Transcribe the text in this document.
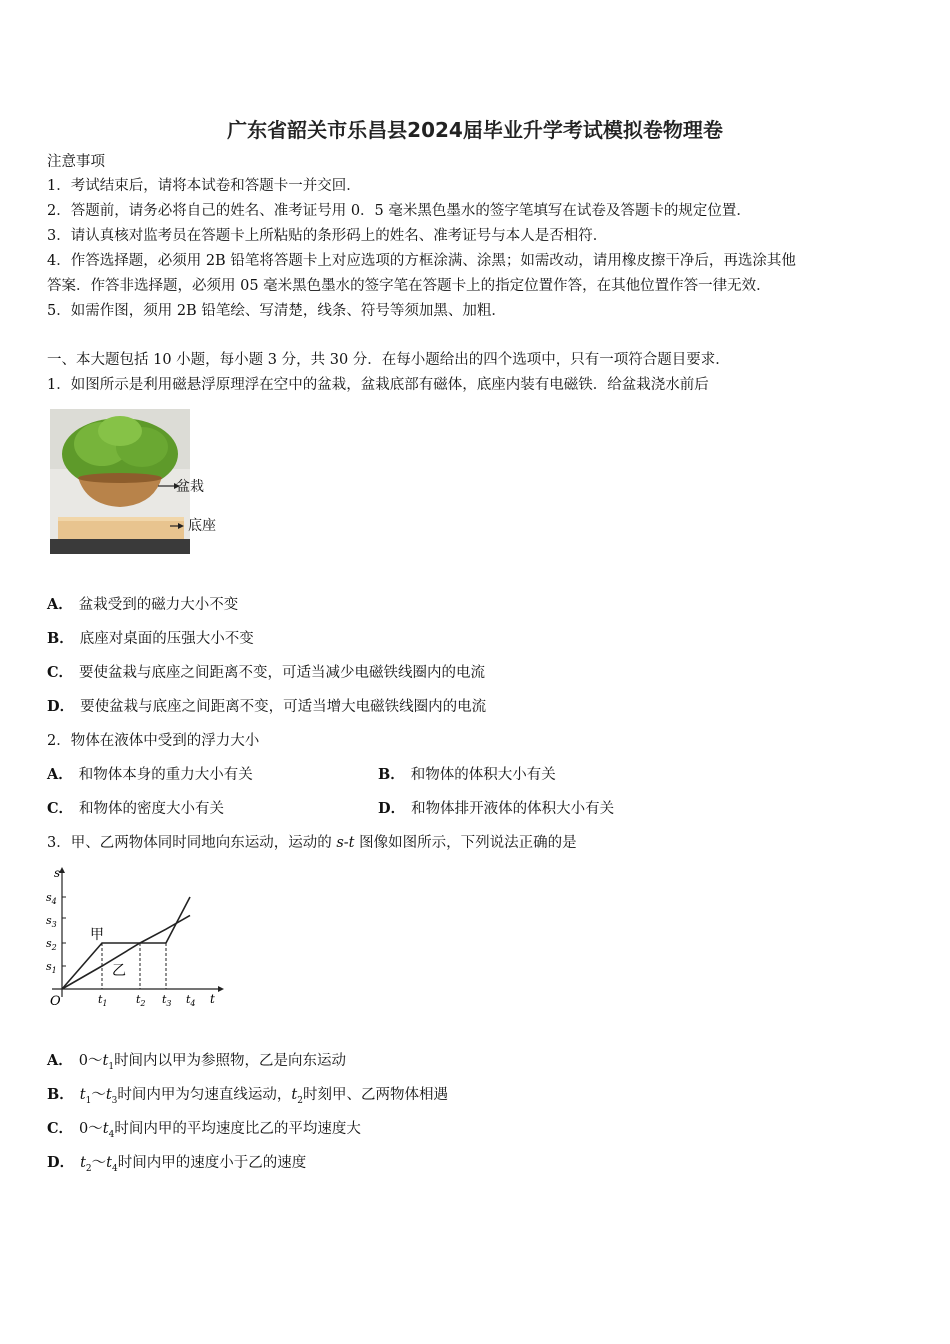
广东省韶关市乐昌县2024届毕业升学考试模拟卷物理卷
注意事项
1．考试结束后，请将本试卷和答题卡一并交回．
2．答题前，请务必将自己的姓名、准考证号用 0．5 毫米黑色墨水的签字笔填写在试卷及答题卡的规定位置．
3．请认真核对监考员在答题卡上所粘贴的条形码上的姓名、准考证号与本人是否相符．
4．作答选择题，必须用 2B 铅笔将答题卡上对应选项的方框涂满、涂黑；如需改动，请用橡皮擦干净后，再选涂其他
答案．作答非选择题，必须用 05 毫米黑色墨水的签字笔在答题卡上的指定位置作答，在其他位置作答一律无效．
5．如需作图，须用 2B 铅笔绘、写清楚，线条、符号等须加黑、加粗．
一、本大题包括 10 小题，每小题 3 分，共 30 分．在每小题给出的四个选项中，只有一项符合题目要求．
1．如图所示是利用磁悬浮原理浮在空中的盆栽，盆栽底部有磁体，底座内装有电磁铁．给盆栽浇水前后
盆栽
底座
A． 盆栽受到的磁力大小不变
B． 底座对桌面的压强大小不变
C． 要使盆栽与底座之间距离不变，可适当减少电磁铁线圈内的电流
D． 要使盆栽与底座之间距离不变，可适当增大电磁铁线圈内的电流
2．物体在液体中受到的浮力大小
A． 和物体本身的重力大小有关	B． 和物体的体积大小有关
C． 和物体的密度大小有关	D． 和物体排开液体的体积大小有关
3．甲、乙两物体同时同地向东运动，运动的 s-t 图像如图所示，下列说法正确的是
s
t
O	$t_1$	$t_2$ $t_3$ $t_4$
$s_1$
$s_2$
$s_3$
$s_4$
甲
乙
A． $0\sim t_1$时间内以甲为参照物，乙是向东运动
B． $t_1\sim t_3$时间内甲为匀速直线运动，$t_2$时刻甲、乙两物体相遇
C． $0\sim t_4$时间内甲的平均速度比乙的平均速度大
D． $t_2\sim t_4$时间内甲的速度小于乙的速度
